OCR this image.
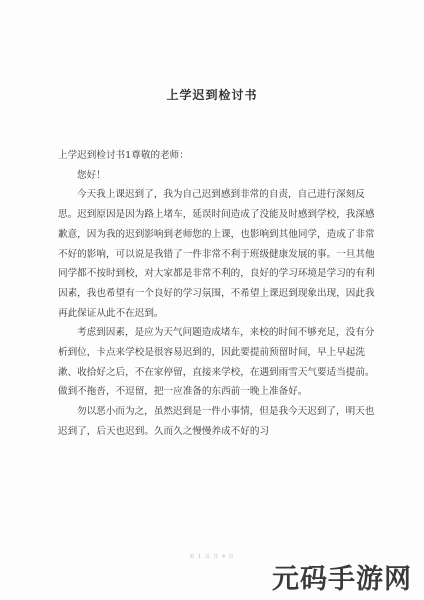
上学迟到检讨书

上学迟到检讨书1尊敬的老师：

您好！

今天我上课迟到了，我为自己迟到感到非常的自责，自己进行深刻反思。迟到原因是因为路上堵车，延误时间造成了没能及时感到学校，我深感歉意，因为我的迟到影响到老师您的上课，也影响到其他同学，造成了非常不好的影响，可以说是我错了一件非常不利于班级健康发展的事。一旦其他同学都不按时到校，对大家都是非常不利的，良好的学习环境是学习的有利因素，我也希望有一个良好的学习氛围，不希望上课迟到现象出现，因此我再此保证从此不在迟到。

考虑到因素，是应为天气问题造成堵车，来校的时间不够充足，没有分析到位，卡点来学校是很容易迟到的，因此要提前预留时间，早上早起洗漱、收拾好之后，不在家停留，直接来学校，在遇到雨雪天气要适当提前。做到不拖沓，不逗留，把一应准备的东西前一晚上准备好。

勿以恶小而为之，虽然迟到是一件小事情，但是我今天迟到了，明天也迟到了，后天也迟到。久而久之慢慢养成不好的习

第 1 页 共 4 页
元码手游网
